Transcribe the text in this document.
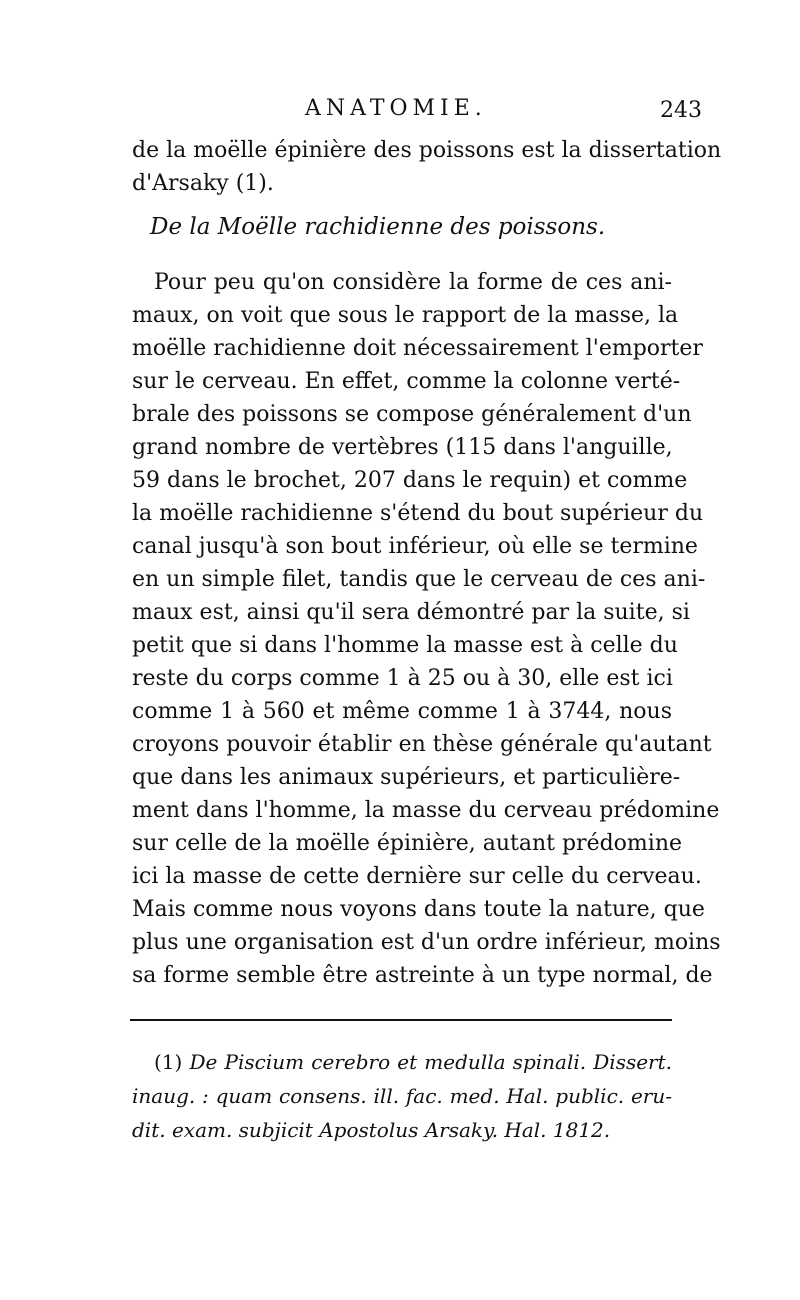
ANATOMIE.	243
de la moëlle épinière des poissons est la dissertation
d'Arsaky (1).
De la Moëlle rachidienne des poissons.
Pour peu qu'on considère la forme de ces ani-
maux, on voit que sous le rapport de la masse, la
moëlle rachidienne doit nécessairement l'emporter
sur le cerveau. En effet, comme la colonne verté-
brale des poissons se compose généralement d'un
grand nombre de vertèbres (115 dans l'anguille,
59 dans le brochet, 207 dans le requin) et comme
la moëlle rachidienne s'étend du bout supérieur du
canal jusqu'à son bout inférieur, où elle se termine
en un simple filet, tandis que le cerveau de ces ani-
maux est, ainsi qu'il sera démontré par la suite, si
petit que si dans l'homme la masse est à celle du
reste du corps comme 1 à 25 ou à 30, elle est ici
comme 1 à 560 et même comme 1 à 3744, nous
croyons pouvoir établir en thèse générale qu'autant
que dans les animaux supérieurs, et particulière-
ment dans l'homme, la masse du cerveau prédomine
sur celle de la moëlle épinière, autant prédomine
ici la masse de cette dernière sur celle du cerveau.
Mais comme nous voyons dans toute la nature, que
plus une organisation est d'un ordre inférieur, moins
sa forme semble être astreinte à un type normal, de
(1) De Piscium cerebro et medulla spinali. Dissert.
inaug. : quam consens. ill. fac. med. Hal. public. eru-
dit. exam. subjicit Apostolus Arsaky. Hal. 1812.
